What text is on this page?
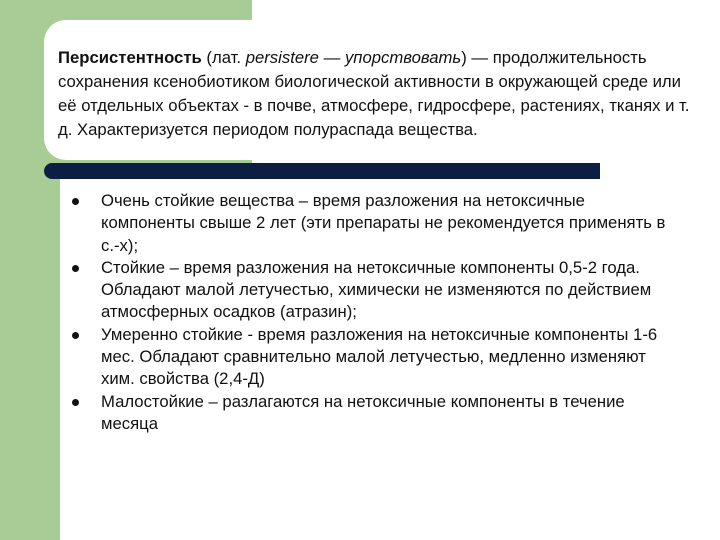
Персистентность (лат. persistere — упорствовать) — продолжительность сохранения ксенобиотиком биологической активности в окружающей среде или её отдельных объектах - в почве, атмосфере, гидросфере, растениях, тканях и т. д. Характеризуется периодом полураспада вещества.

Очень стойкие вещества – время разложения на нетоксичные компоненты свыше 2 лет (эти препараты не рекомендуется применять в с.-х);
Стойкие – время разложения на нетоксичные компоненты 0,5-2 года. Обладают малой летучестью, химически не изменяются по действием атмосферных осадков (атразин);
Умеренно стойкие - время разложения на нетоксичные компоненты 1-6 мес. Обладают сравнительно малой летучестью, медленно изменяют хим. свойства (2,4-Д)
Малостойкие – разлагаются на нетоксичные компоненты в течение месяца
